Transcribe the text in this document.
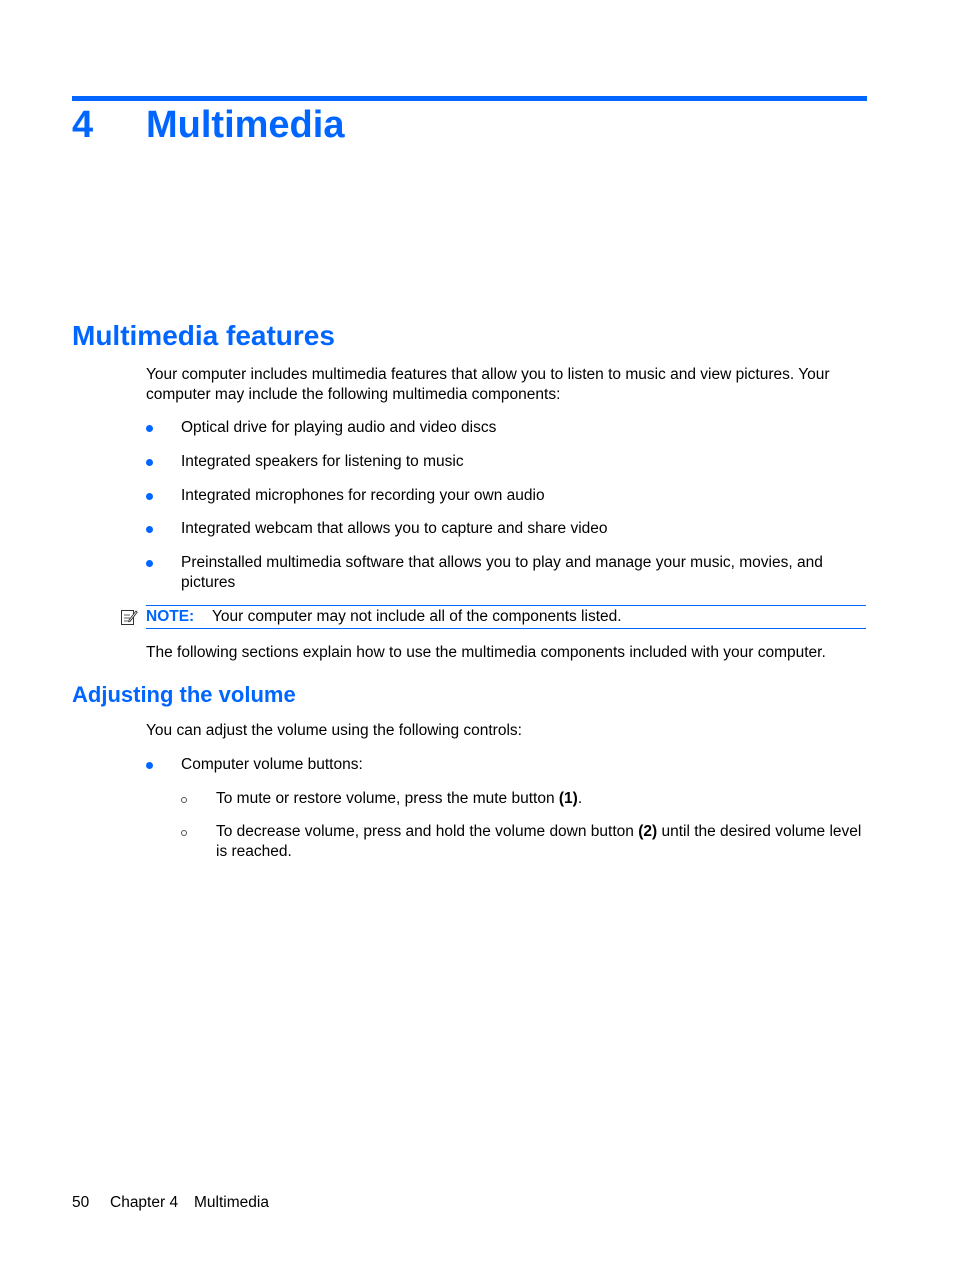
4 Multimedia
Multimedia features
Your computer includes multimedia features that allow you to listen to music and view pictures. Your computer may include the following multimedia components:
Optical drive for playing audio and video discs
Integrated speakers for listening to music
Integrated microphones for recording your own audio
Integrated webcam that allows you to capture and share video
Preinstalled multimedia software that allows you to play and manage your music, movies, and pictures
NOTE: Your computer may not include all of the components listed.
The following sections explain how to use the multimedia components included with your computer.
Adjusting the volume
You can adjust the volume using the following controls:
Computer volume buttons:
To mute or restore volume, press the mute button (1).
To decrease volume, press and hold the volume down button (2) until the desired volume level is reached.
50 Chapter 4 Multimedia
